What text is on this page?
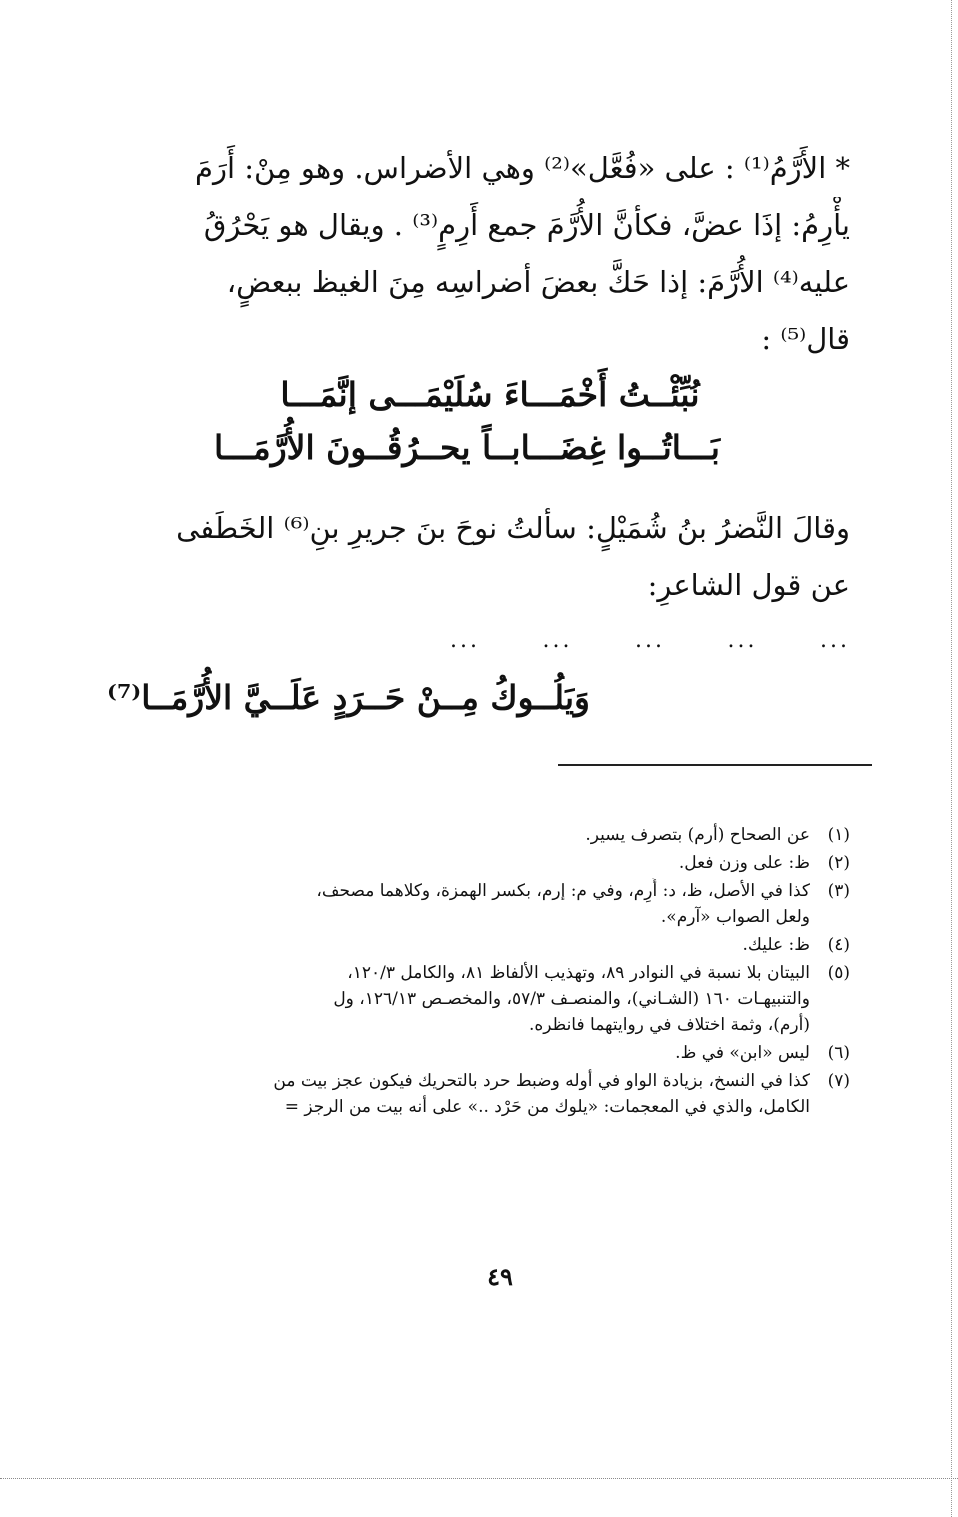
* الأَرَّمُ⁽¹⁾ : على «فُعَّل»⁽²⁾ وهي الأضراس. وهو مِنْ: أَرَمَ
يأْرِمُ: إذَا عضَّ، فكأنَّ الأُرَّمَ جمع أَرِمٍ⁽³⁾ . ويقال هو يَحْرُقُ
عليه⁽⁴⁾ الأُرَّمَ: إذا حَكَّ بعضَ أضراسِه مِنَ الغيظ ببعضٍ،
قال⁽⁵⁾ :
نُبِّئْــتُ أَخْمَـــاءَ سُلَيْمَـــى إنَّمَـــا
بَـــاتُــوا غِضَـــابــاً يحــرُقُــونَ الأُرَّمَـــا
وقالَ النَّضرُ بنُ شُمَيْلٍ: سألتُ نوحَ بنَ جريرِ بنِ⁽⁶⁾ الخَطَفى
عن قول الشاعرِ:
...
...
...
...
...
وَيَلُــوكُ مِــنْ حَــرَدٍ عَلَــيَّ الأُرَّمَــا⁽⁷⁾
(١)
عن الصحاح (أرم) بتصرف يسير.
(٢)
ظ: على وزن فعل.
(٣)
كذا في الأصل، ظ، د: أَرِم، وفي م: إرم، بكسر الهمزة، وكلاهما مصحف،
ولعل الصواب «آرم».
(٤)
ظ: عليك.
(٥)
البيتان بلا نسبة في النوادر ٨٩، وتهذيب الألفاظ ٨١، والكامل ١٢٠/٣،
والتنبيهـات ١٦٠ (الشـاني)، والمنصـف ٥٧/٣، والمخصـص ١٢٦/١٣، ول
(أرم)، وثمة اختلاف في روايتهما فانظره.
(٦)
ليس «ابن» في ظ.
(٧)
كذا في النسخ، بزيادة الواو في أوله وضبط حرد بالتحريك فيكون عجز بيت من
الكامل، والذي في المعجمات: «يلوك من حَرْد ..» على أنه بيت من الرجز =
٤٩
